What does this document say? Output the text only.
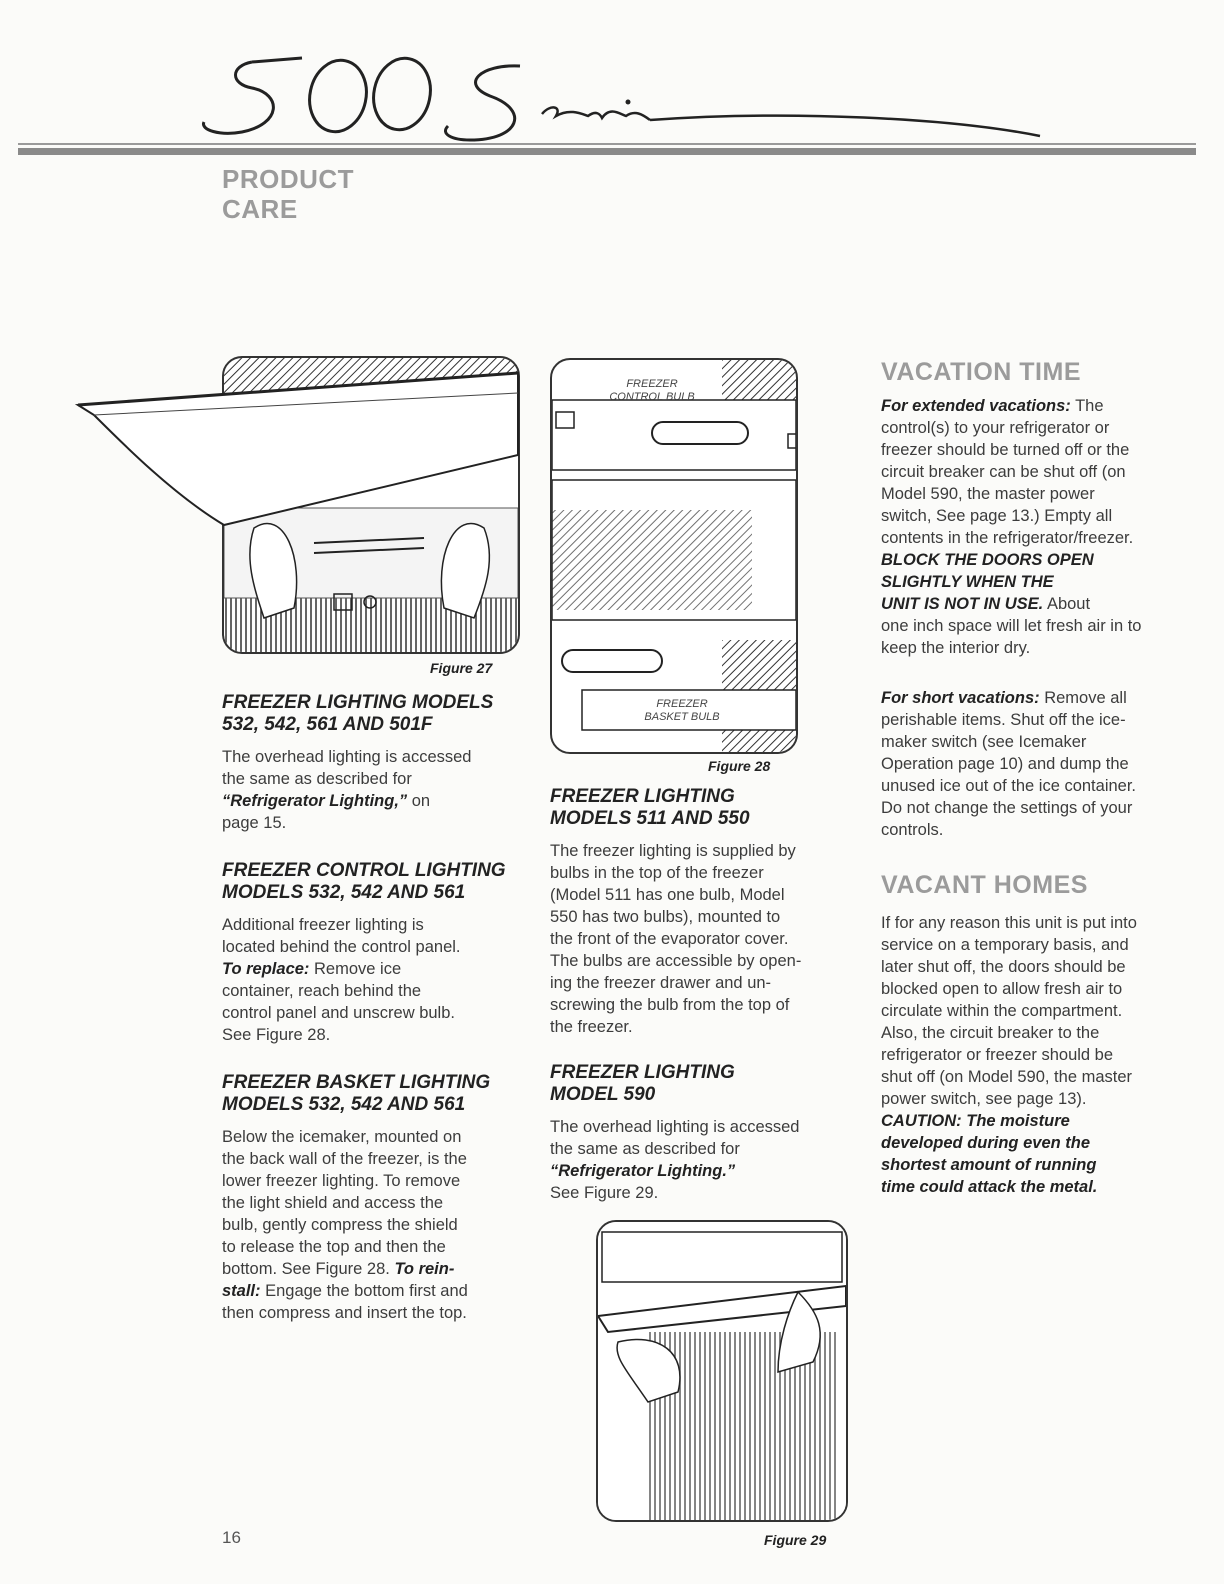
PRODUCT
CARE
Figure 27
FREEZER
CONTROL BULB
FREEZER
BASKET BULB
Figure 28
Figure 29
FREEZER LIGHTING MODELS
532, 542, 561 AND 501F
The overhead lighting is accessed
the same as described for
“Refrigerator Lighting,” on
page 15.
FREEZER CONTROL LIGHTING
MODELS 532, 542 AND 561
Additional freezer lighting is
located behind the control panel.
To replace: Remove ice
container, reach behind the
control panel and unscrew bulb.
See Figure 28.
FREEZER BASKET LIGHTING
MODELS 532, 542 AND 561
Below the icemaker, mounted on
the back wall of the freezer, is the
lower freezer lighting. To remove
the light shield and access the
bulb, gently compress the shield
to release the top and then the
bottom. See Figure 28. To rein-
stall: Engage the bottom first and
then compress and insert the top.
FREEZER LIGHTING
MODELS 511 AND 550
The freezer lighting is supplied by
bulbs in the top of the freezer
(Model 511 has one bulb, Model
550 has two bulbs), mounted to
the front of the evaporator cover.
The bulbs are accessible by open-
ing the freezer drawer and un-
screwing the bulb from the top of
the freezer.
FREEZER LIGHTING
MODEL 590
The overhead lighting is accessed
the same as described for
“Refrigerator Lighting.”
See Figure 29.
VACATION TIME
For extended vacations: The
control(s) to your refrigerator or
freezer should be turned off or the
circuit breaker can be shut off (on
Model 590, the master power
switch, See page 13.) Empty all
contents in the refrigerator/freezer.
BLOCK THE DOORS OPEN
SLIGHTLY WHEN THE
UNIT IS NOT IN USE. About
one inch space will let fresh air in to
keep the interior dry.
For short vacations: Remove all
perishable items. Shut off the ice-
maker switch (see Icemaker
Operation page 10) and dump the
unused ice out of the ice container.
Do not change the settings of your
controls.
VACANT HOMES
If for any reason this unit is put into
service on a temporary basis, and
later shut off, the doors should be
blocked open to allow fresh air to
circulate within the compartment.
Also, the circuit breaker to the
refrigerator or freezer should be
shut off (on Model 590, the master
power switch, see page 13).
CAUTION: The moisture
developed during even the
shortest amount of running
time could attack the metal.
16
